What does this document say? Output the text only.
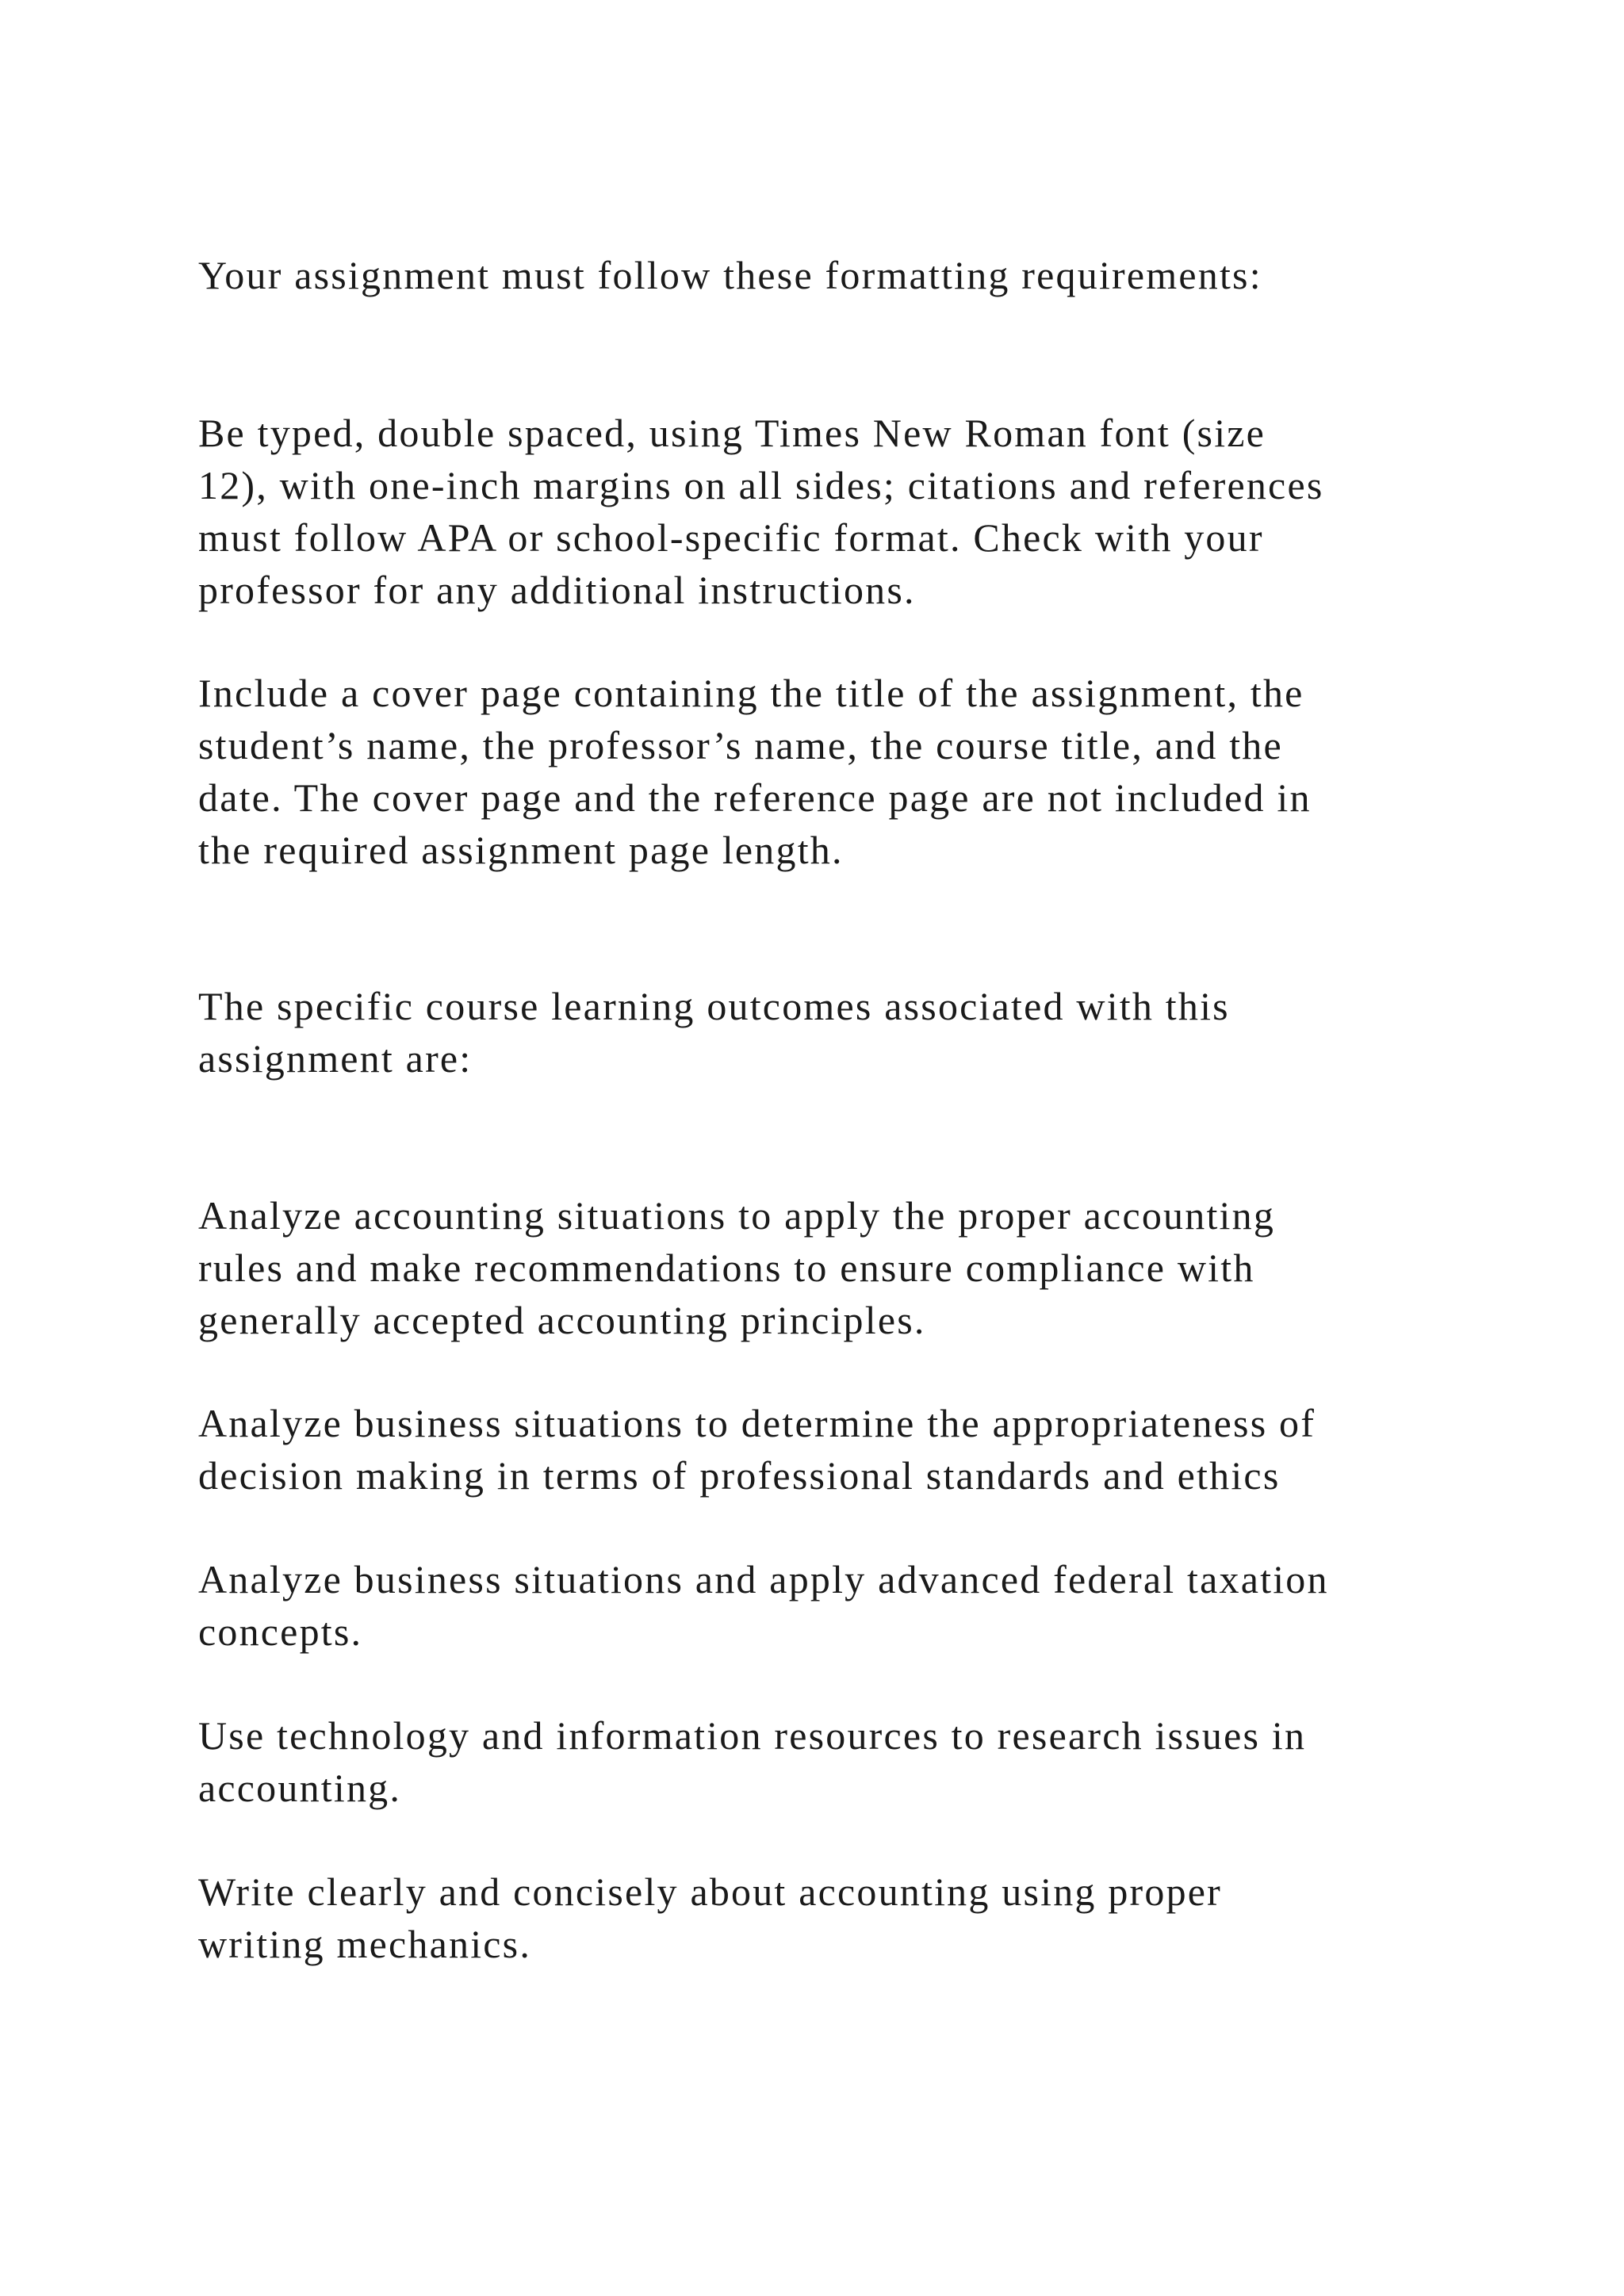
Your assignment must follow these formatting requirements:

Be typed, double spaced, using Times New Roman font (size
12), with one-inch margins on all sides; citations and references
must follow APA or school-specific format. Check with your
professor for any additional instructions.

Include a cover page containing the title of the assignment, the
student’s name, the professor’s name, the course title, and the
date. The cover page and the reference page are not included in
the required assignment page length.

The specific course learning outcomes associated with this
assignment are:

Analyze accounting situations to apply the proper accounting
rules and make recommendations to ensure compliance with
generally accepted accounting principles.

Analyze business situations to determine the appropriateness of
decision making in terms of professional standards and ethics

Analyze business situations and apply advanced federal taxation
concepts.

Use technology and information resources to research issues in
accounting.

Write clearly and concisely about accounting using proper
writing mechanics.
